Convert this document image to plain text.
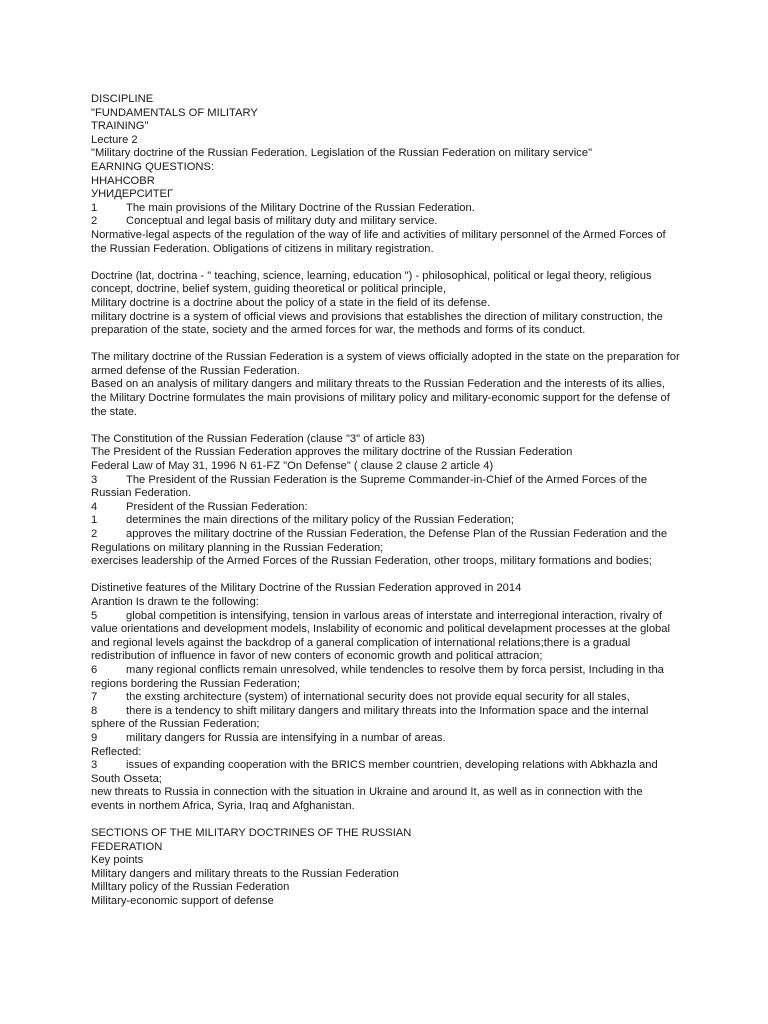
DISCIPLINE
"FUNDAMENTALS OF MILITARY
TRAINING"
Lecture 2
"Military doctrine of the Russian Federation. Legislation of the Russian Federation on military service"
EARNING QUESTIONS:
ННАНСОВR
УНИДЕРСИТЕГ
1	The main provisions of the Military Doctrine of the Russian Federation.
2	Conceptual and legal basis of military duty and military service.
Normative-legal aspects of the regulation of the way of life and activities of military personnel of the Armed Forces of the Russian Federation. Obligations of citizens in military registration.
Doctrine (lat, doctrina - " teaching, science, learning, education ") - philosophical, political or legal theory, religious concept, doctrine, belief system, guiding theoretical or political principle,
Military doctrine is a doctrine about the policy of a state in the field of its defense.
military doctrine is a system of official views and provisions that establishes the direction of military construction, the preparation of the state, society and the armed forces for war, the methods and forms of its conduct.
The military doctrine of the Russian Federation is a system of views officially adopted in the state on the preparation for armed defense of the Russian Federation.
Based on an analysis of military dangers and military threats to the Russian Federation and the interests of its allies, the Military Doctrine formulates the main provisions of military policy and military-economic support for the defense of the state.
The Constitution of the Russian Federation (clause "3" of article 83)
The President of the Russian Federation approves the military doctrine of the Russian Federation
Federal Law of May 31, 1996 N 61-FZ "On Defense" ( clause 2 clause 2 article 4)
3	The President of the Russian Federation is the Supreme Commander-in-Chief of the Armed Forces of the
Russian Federation.
4	President of the Russian Federation:
1	determines the main directions of the military policy of the Russian Federation;
2	approves the military doctrine of the Russian Federation, the Defense Plan of the Russian Federation and the
Regulations on military planning in the Russian Federation;
exercises leadership of the Armed Forces of the Russian Federation, other troops, military formations and bodies;
Distinetive features of the Military Doctrine of the Russian Federation approved in 2014
Arantion Is drawn te the following:
5	global competition is intensifying, tension in varlous areas of interstate and interregional interaction, rivalry of
value orientations and development models, Inslability of economic and political develapment processes at the global
and regional levels against the backdrop of a ganeral complication of international relations;there is a gradual
redistribution of influence in favor of new conters of economic growth and political attracion;
6	many regional conflicts remain unresolved, while tendencles to resolve them by forca persist, Including in tha
regions bordering the Russian Federation;
7	the exsting architecture (system) of international security does not provide equal security for all stales,
8	there is a tendency to shift military dangers and military threats into the Information space and the internal
sphere of the Russian Federation;
9	military dangers for Russia are intensifying in a numbar of areas.
Reflected:
3	issues of expanding cooperation with the BRICS member countrien, developing relations with Abkhazla and
South Osseta;
new threats to Russia in connection with the situation in Ukraine and around It, as well as in connection with the
events in northem Africa, Syria, Iraq and Afghanistan.
SECTIONS OF THE MILITARY DOCTRINES OF THE RUSSIAN
FEDERATION
Key points
Military dangers and military threats to the Russian Federation
Milltary policy of the Russian Federation
Military-economic support of defense
